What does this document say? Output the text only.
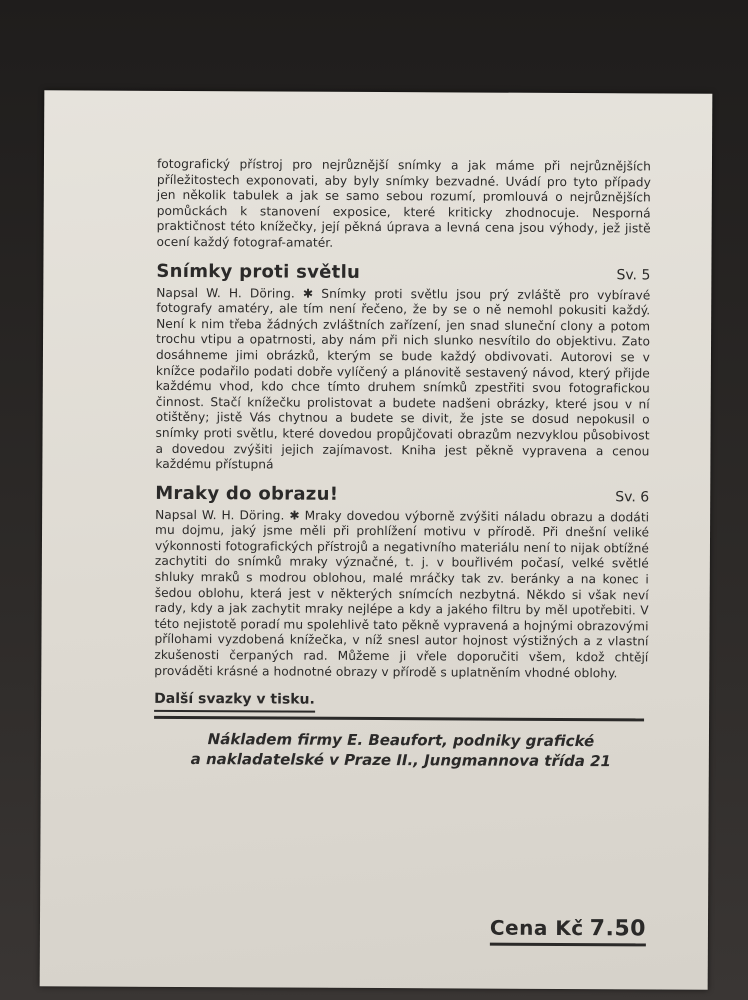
fotografický přístroj pro nejrůznější snímky a jak máme při nejrůznějších příležitostech exponovati, aby byly snímky bezvadné. Uvádí pro tyto případy jen několik tabulek a jak se samo sebou rozumí, promlouvá o nejrůznějších pomůckách k stanovení exposice, které kriticky zhodnocuje. Nesporná praktičnost této knížečky, její pěkná úprava a levná cena jsou výhody, jež jistě ocení každý fotograf-amatér.

Snímky proti světlu	Sv. 5

Napsal W. H. Döring. ✱ Snímky proti světlu jsou prý zvláště pro vybíravé fotografy amatéry, ale tím není řečeno, že by se o ně nemohl pokusiti každý. Není k nim třeba žádných zvláštních zařízení, jen snad sluneční clony a potom trochu vtipu a opatrnosti, aby nám při nich slunko nesvítilo do objektivu. Zato dosáhneme jimi obrázků, kterým se bude každý obdivovati. Autorovi se v knížce podařilo podati dobře vylíčený a plánovitě sestavený návod, který přijde každému vhod, kdo chce tímto druhem snímků zpestřiti svou fotografickou činnost. Stačí knížečku prolistovat a budete nadšeni obrázky, které jsou v ní otištěny; jistě Vás chytnou a budete se divit, že jste se dosud nepokusil o snímky proti světlu, které dovedou propůjčovati obrazům nezvyklou působivost a dovedou zvýšiti jejich zajímavost. Kniha jest pěkně vypravena a cenou každému přístupná

Mraky do obrazu!	Sv. 6

Napsal W. H. Döring. ✱ Mraky dovedou výborně zvýšiti náladu obrazu a dodáti mu dojmu, jaký jsme měli při prohlížení motivu v přírodě. Při dnešní veliké výkonnosti fotografických přístrojů a negativního materiálu není to nijak obtížné zachytiti do snímků mraky význačné, t. j. v bouřlivém počasí, velké světlé shluky mraků s modrou oblohou, malé mráčky tak zv. beránky a na konec i šedou oblohu, která jest v některých snímcích nezbytná. Někdo si však neví rady, kdy a jak zachytit mraky nejlépe a kdy a jakého filtru by měl upotřebiti. V této nejistotě poradí mu spolehlivě tato pěkně vypravená a hojnými obrazovými přílohami vyzdobená knížečka, v níž snesl autor hojnost výstižných a z vlastní zkušenosti čerpaných rad. Můžeme ji vřele doporučiti všem, kdož chtějí prováděti krásné a hodnotné obrazy v přírodě s uplatněním vhodné oblohy.

Další svazky v tisku.
Nákladem firmy E. Beaufort, podniky grafické
a nakladatelské v Praze II., Jungmannova třída 21
Cena Kč 7.50
